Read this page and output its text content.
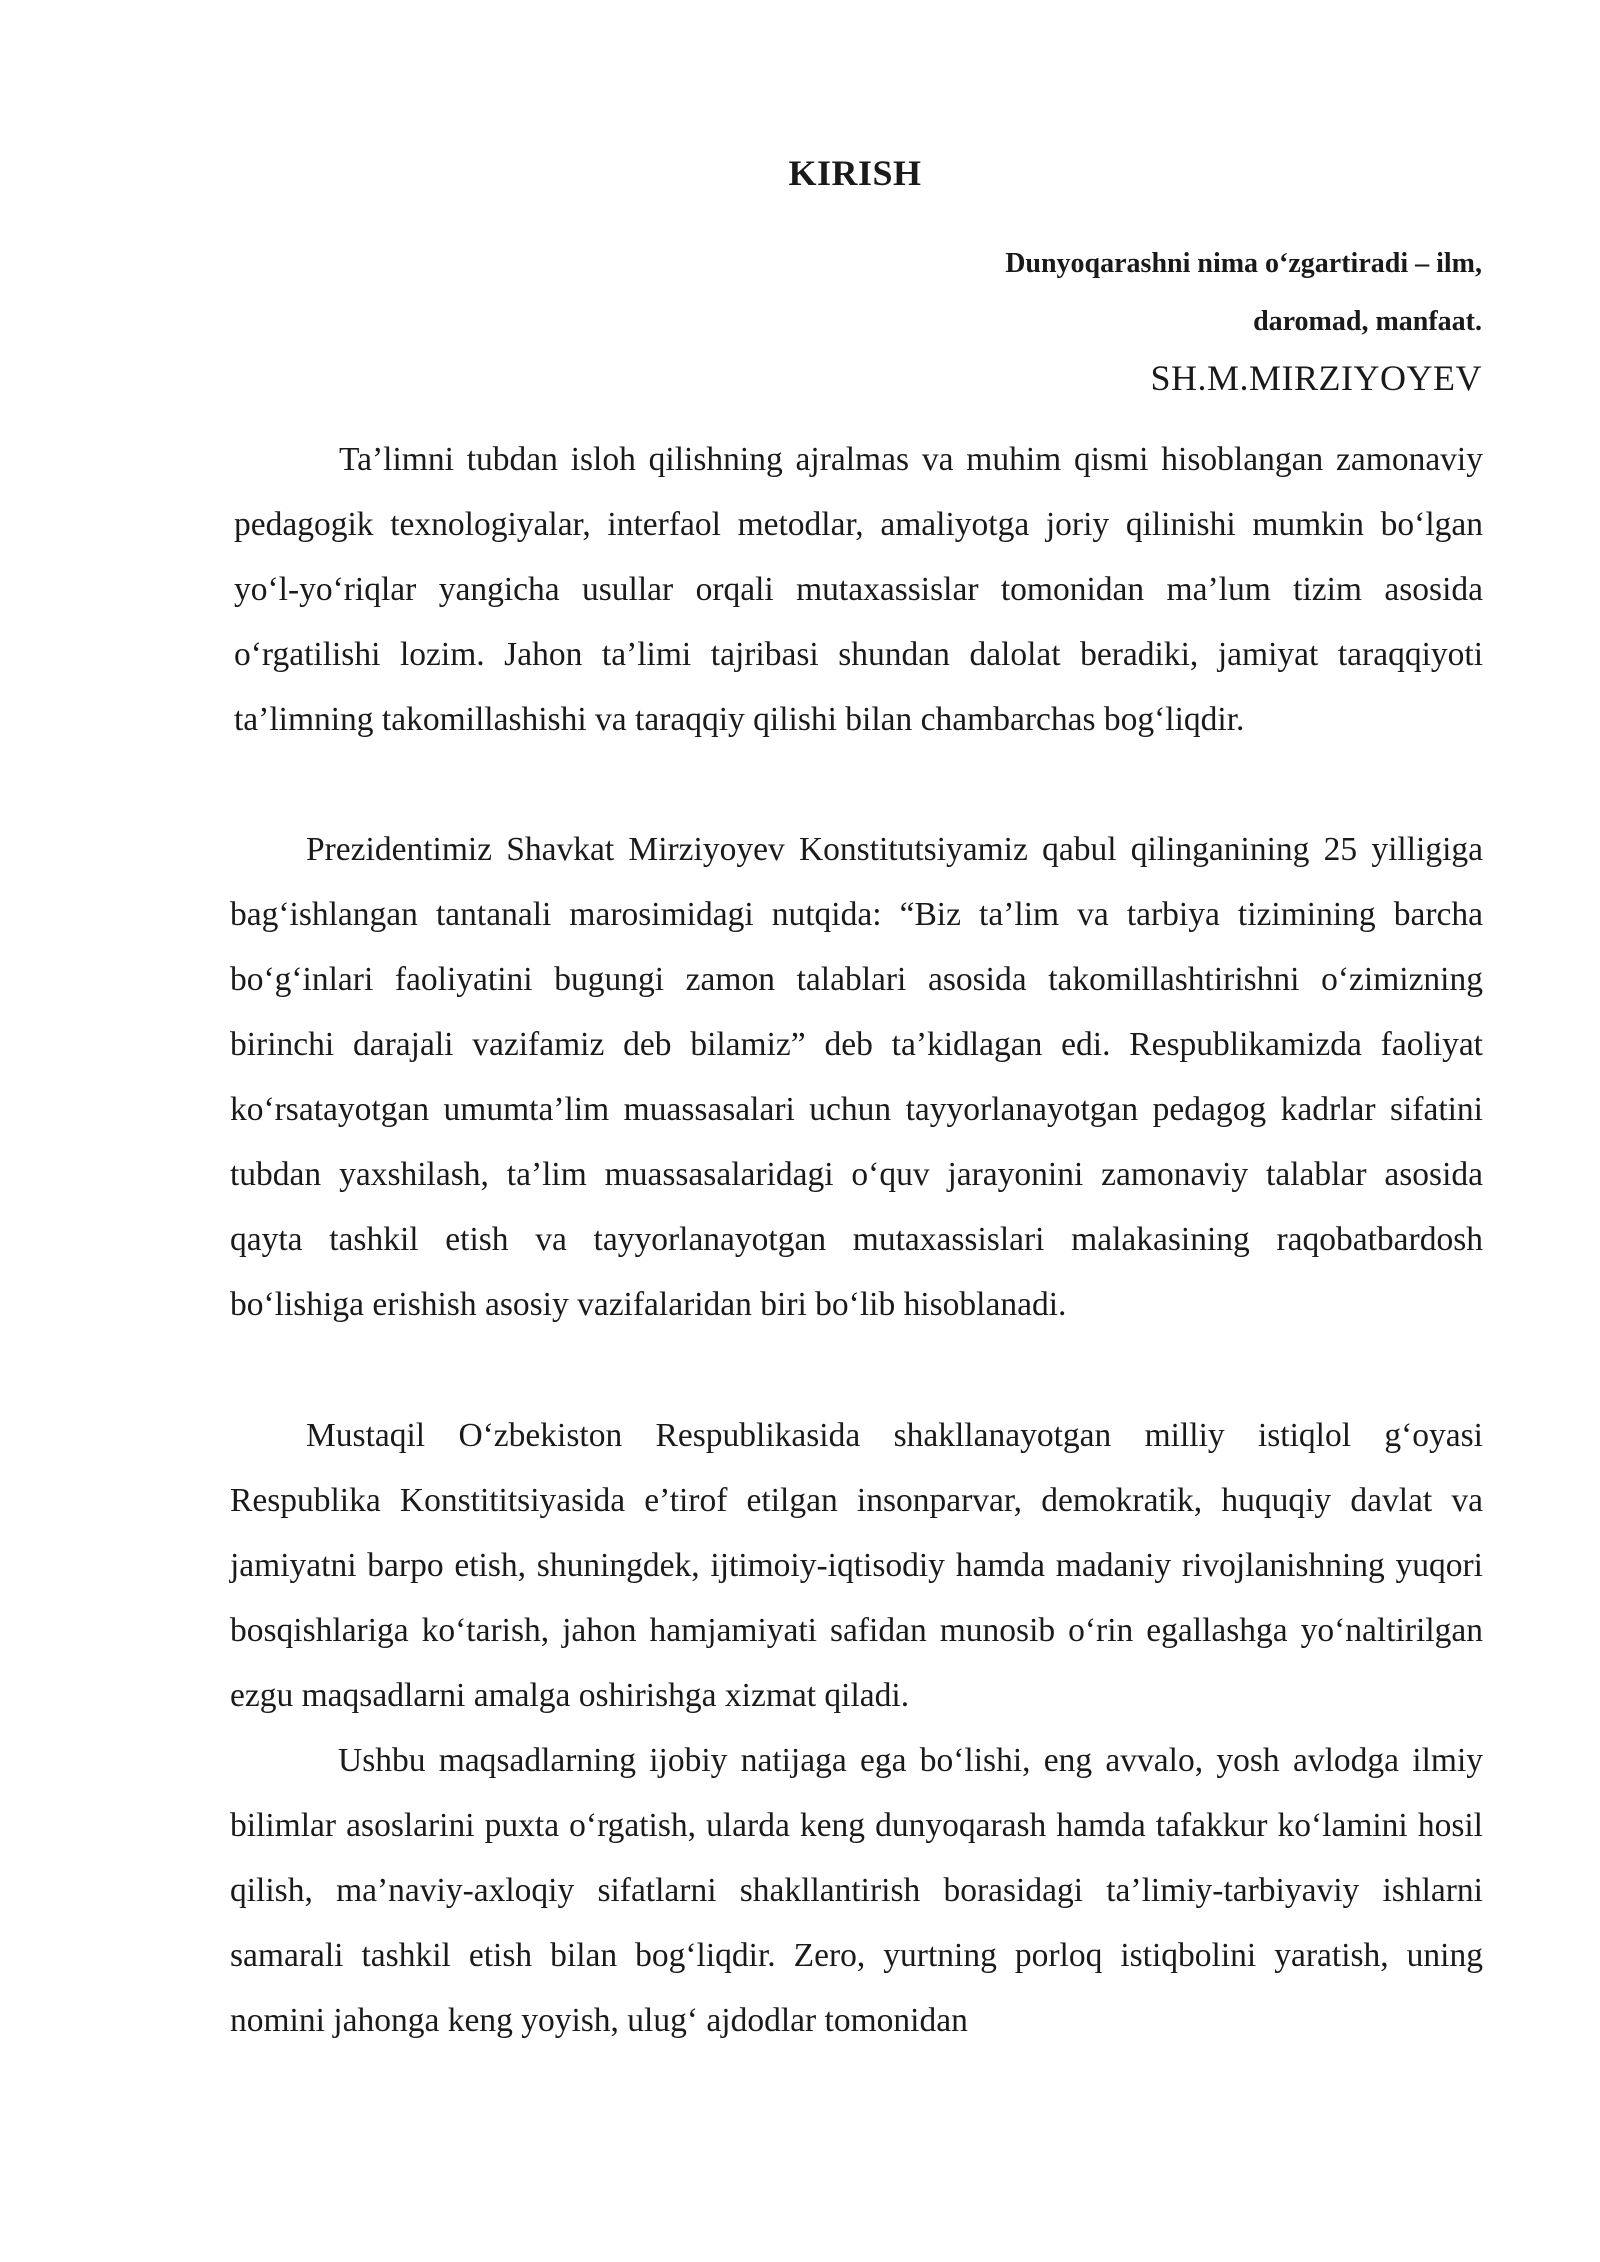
KIRISH
Dunyoqarashni nima oʻzgartiradi – ilm,
daromad, manfaat.
SH.M.MIRZIYOYEV

Ta’limni tubdan isloh qilishning ajralmas va muhim qismi hisoblangan zamonaviy pedagogik texnologiyalar, interfaol metodlar, amaliyotga joriy qilinishi mumkin boʻlgan yoʻl-yoʻriqlar yangicha usullar orqali mutaxassislar tomonidan ma’lum tizim asosida oʻrgatilishi lozim. Jahon ta’limi tajribasi shundan dalolat beradiki, jamiyat taraqqiyoti ta’limning takomillashishi va taraqqiy qilishi bilan chambarchas bogʻliqdir.

Prezidentimiz Shavkat Mirziyoyev Konstitutsiyamiz qabul qilinganining 25 yilligiga bagʻishlangan tantanali marosimidagi nutqida: “Biz ta’lim va tarbiya tizimining barcha boʻgʻinlari faoliyatini bugungi zamon talablari asosida takomillashtirishni oʻzimizning birinchi darajali vazifamiz deb bilamiz” deb ta’kidlagan edi. Respublikamizda faoliyat koʻrsatayotgan umumta’lim muassasalari uchun tayyorlanayotgan pedagog kadrlar sifatini tubdan yaxshilash, ta’lim muassasalaridagi oʻquv jarayonini zamonaviy talablar asosida qayta tashkil etish va tayyorlanayotgan mutaxassislari malakasining raqobatbardosh boʻlishiga erishish asosiy vazifalaridan biri boʻlib hisoblanadi.

Mustaqil Oʻzbekiston Respublikasida shakllanayotgan milliy istiqlol gʻoyasi Respublika Konstititsiyasida e’tirof etilgan insonparvar, demokratik, huquqiy davlat va jamiyatni barpo etish, shuningdek, ijtimoiy-iqtisodiy hamda madaniy rivojlanishning yuqori bosqishlariga koʻtarish, jahon hamjamiyati safidan munosib oʻrin egallashga yoʻnaltirilgan ezgu maqsadlarni amalga oshirishga xizmat qiladi.

Ushbu maqsadlarning ijobiy natijaga ega boʻlishi, eng avvalo, yosh avlodga ilmiy bilimlar asoslarini puxta oʻrgatish, ularda keng dunyoqarash hamda tafakkur koʻlamini hosil qilish, ma’naviy-axloqiy sifatlarni shakllantirish borasidagi ta’limiy-tarbiyaviy ishlarni samarali tashkil etish bilan bogʻliqdir. Zero, yurtning porloq istiqbolini yaratish, uning nomini jahonga keng yoyish, ulugʻ ajdodlar tomonidan
